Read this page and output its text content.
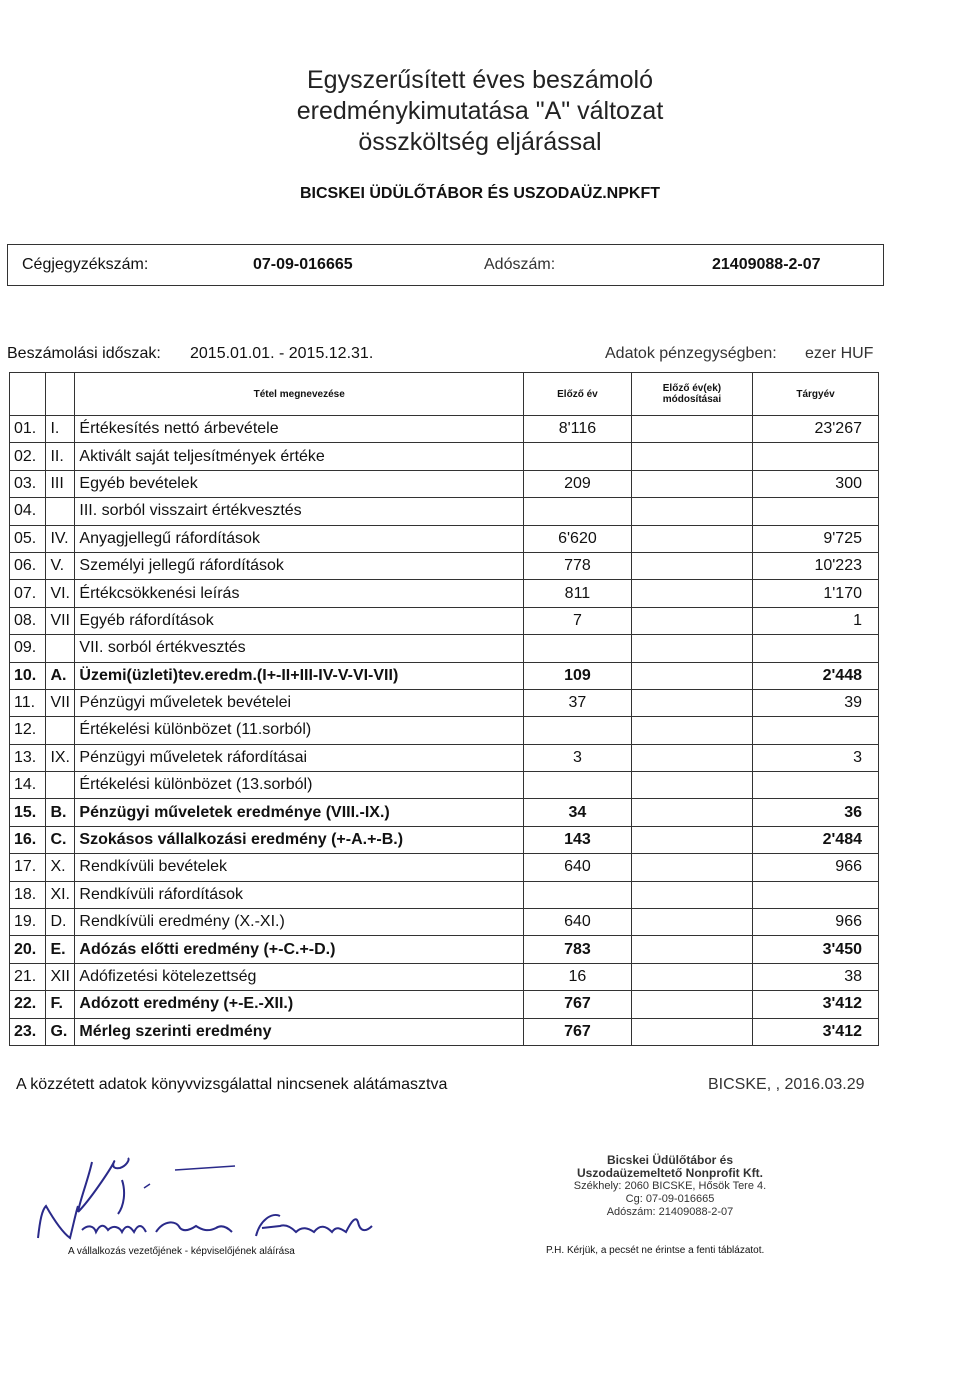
Egyszerűsített éves beszámoló
eredménykimutatása "A" változat
összköltség eljárással
BICSKEI ÜDÜLŐTÁBOR ÉS USZODAÜZ.NPKFT
Cégjegyzékszám:	07-09-016665	Adószám:	21409088-2-07
Beszámolási időszak: 2015.01.01. - 2015.12.31.	Adatok pénzegységben: ezer HUF
		Tétel megnevezése	Előző év	Előző év(ek) módosításai	Tárgyév
01.	I.	Értékesítés nettó árbevétele	8'116		23'267
02.	II.	Aktivált saját teljesítmények értéke			
03.	III	Egyéb bevételek	209		300
04.		III. sorból visszairt értékvesztés			
05.	IV.	Anyagjellegű ráfordítások	6'620		9'725
06.	V.	Személyi jellegű ráfordítások	778		10'223
07.	VI.	Értékcsökkenési leírás	811		1'170
08.	VII	Egyéb ráfordítások	7		1
09.		VII. sorból értékvesztés			
10.	A.	Üzemi(üzleti)tev.eredm.(I+-II+III-IV-V-VI-VII)	109		2'448
11.	VII	Pénzügyi műveletek bevételei	37		39
12.		Értékelési különbözet (11.sorból)			
13.	IX.	Pénzügyi műveletek ráfordításai	3		3
14.		Értékelési különbözet (13.sorból)			
15.	B.	Pénzügyi műveletek eredménye (VIII.-IX.)	34		36
16.	C.	Szokásos vállalkozási eredmény (+-A.+-B.)	143		2'484
17.	X.	Rendkívüli bevételek	640		966
18.	XI.	Rendkívüli ráfordítások			
19.	D.	Rendkívüli eredmény (X.-XI.)	640		966
20.	E.	Adózás előtti eredmény (+-C.+-D.)	783		3'450
21.	XII	Adófizetési kötelezettség	16		38
22.	F.	Adózott eredmény (+-E.-XII.)	767		3'412
23.	G.	Mérleg szerinti eredmény	767		3'412
A közzétett adatok könyvvizsgálattal nincsenek alátámasztva	BICSKE, , 2016.03.29
A vállalkozás vezetőjének - képviselőjének aláírása
Bicskei Üdülőtábor és
Uszodaüzemeltető Nonprofit Kft.
Székhely: 2060 BICSKE, Hősök Tere 4.
Cg: 07-09-016665
Adószám: 21409088-2-07
P.H. Kérjük, a pecsét ne érintse a fenti táblázatot.
